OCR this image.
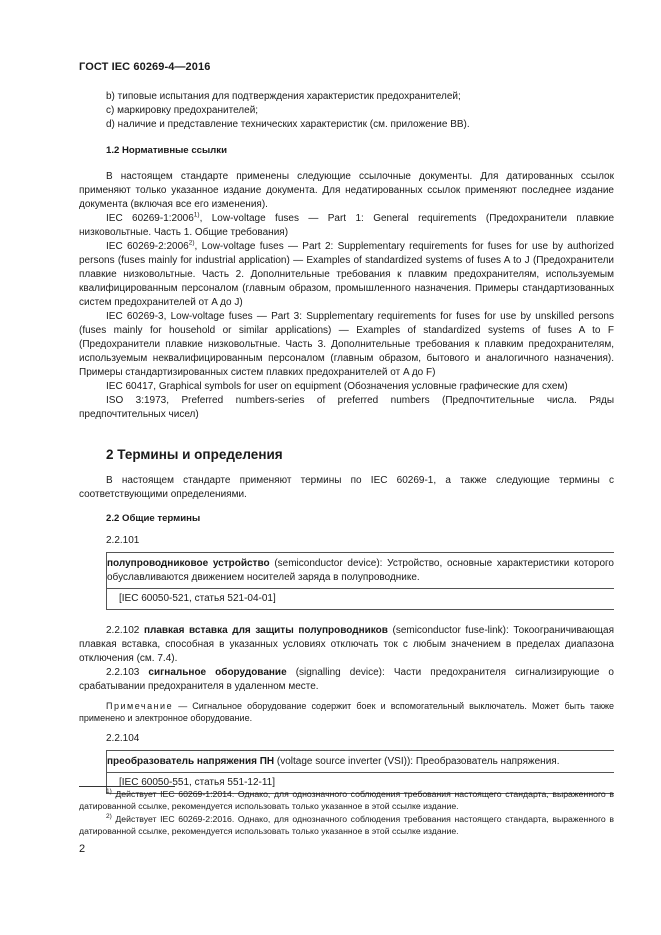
ГОСТ IEC 60269-4—2016

b) типовые испытания для подтверждения характеристик предохранителей;

c) маркировку предохранителей;

d) наличие и представление технических характеристик (см. приложение ВВ).

1.2 Нормативные ссылки

В настоящем стандарте применены следующие ссылочные документы. Для датированных ссылок применяют только указанное издание документа. Для недатированных ссылок применяют последнее издание документа (включая все его изменения).

IEC 60269-1:2006$^{1)}$, Low-voltage fuses — Part 1: General requirements (Предохранители плавкие низковольтные. Часть 1. Общие требования)

IEC 60269-2:2006$^{2)}$, Low-voltage fuses — Part 2: Supplementary requirements for fuses for use by authorized persons (fuses mainly for industrial application) — Examples of standardized systems of fuses A to J (Предохранители плавкие низковольтные. Часть 2. Дополнительные требования к плавким предохранителям, используемым квалифицированным персоналом (главным образом, промышленного назначения. Примеры стандартизованных систем предохранителей от A до J)

IEC 60269-3, Low-voltage fuses — Part 3: Supplementary requirements for fuses for use by unskilled persons (fuses mainly for household or similar applications) — Examples of standardized systems of fuses A to F (Предохранители плавкие низковольтные. Часть 3. Дополнительные требования к плавким предохранителям, используемым неквалифицированным персоналом (главным образом, бытового и аналогичного назначения). Примеры стандартизированных систем плавких предохранителей от A до F)

IEC 60417, Graphical symbols for user on equipment (Обозначения условные графические для схем)

ISO 3:1973, Preferred numbers-series of preferred numbers (Предпочтительные числа. Ряды предпочтительных чисел)

2 Термины и определения

В настоящем стандарте применяют термины по IEC 60269-1, а также следующие термины с соответствующими определениями.

2.2 Общие термины

2.2.101

полупроводниковое устройство (semiconductor device): Устройство, основные характеристики которого обуславливаются движением носителей заряда в полупроводнике.

[IEC 60050-521, статья 521-04-01]

2.2.102 плавкая вставка для защиты полупроводников (semiconductor fuse-link): Токоограничивающая плавкая вставка, способная в указанных условиях отключать ток с любым значением в пределах диапазона отключения (см. 7.4).

2.2.103 сигнальное оборудование (signalling device): Части предохранителя сигнализирующие о срабатывании предохранителя в удаленном месте.

Примечание — Сигнальное оборудование содержит боек и вспомогательный выключатель. Может быть также применено и электронное оборудование.

2.2.104

преобразователь напряжения ПН (voltage source inverter (VSI)): Преобразователь напряжения.

[IEC 60050-551, статья 551-12-11]

$^{1)}$ Действует IEC 60269-1:2014. Однако, для однозначного соблюдения требования настоящего стандарта, выраженного в датированной ссылке, рекомендуется использовать только указанное в этой ссылке издание.

$^{2)}$ Действует IEC 60269-2:2016. Однако, для однозначного соблюдения требования настоящего стандарта, выраженного в датированной ссылке, рекомендуется использовать только указанное в этой ссылке издание.

2
